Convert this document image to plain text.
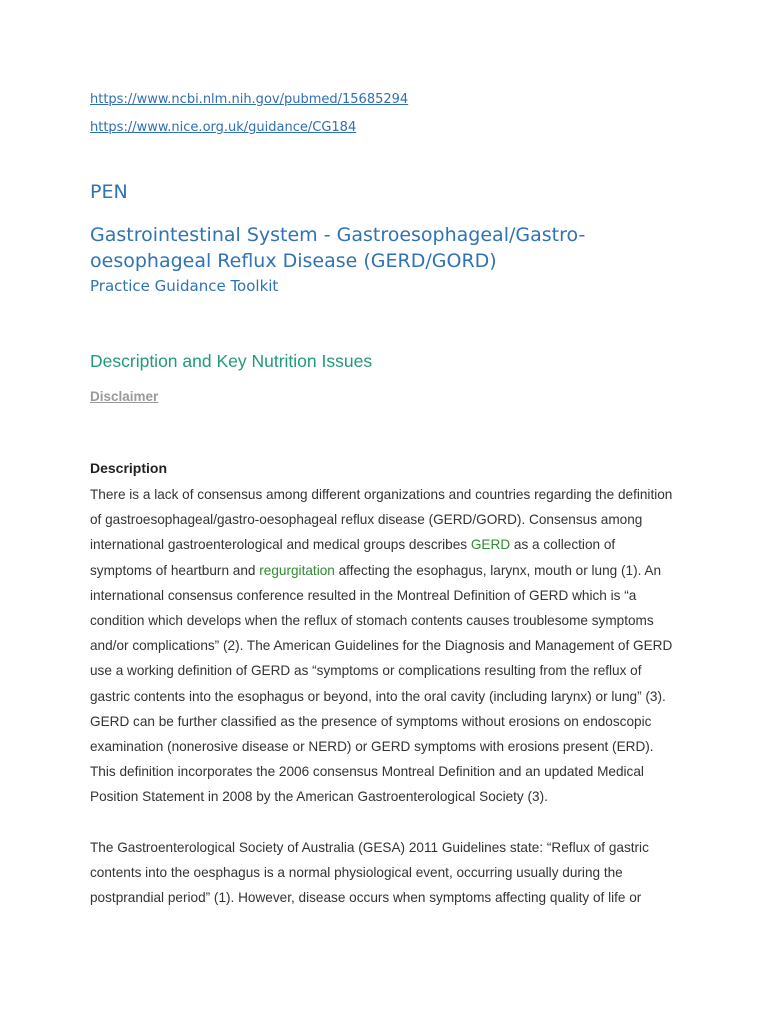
https://www.ncbi.nlm.nih.gov/pubmed/15685294
https://www.nice.org.uk/guidance/CG184
PEN
Gastrointestinal System - Gastroesophageal/Gastro-oesophageal Reflux Disease (GERD/GORD)
Practice Guidance Toolkit
Description and Key Nutrition Issues
Disclaimer
Description

There is a lack of consensus among different organizations and countries regarding the definition of gastroesophageal/gastro-oesophageal reflux disease (GERD/GORD). Consensus among international gastroenterological and medical groups describes GERD as a collection of symptoms of heartburn and regurgitation affecting the esophagus, larynx, mouth or lung (1). An international consensus conference resulted in the Montreal Definition of GERD which is “a condition which develops when the reflux of stomach contents causes troublesome symptoms and/or complications” (2). The American Guidelines for the Diagnosis and Management of GERD use a working definition of GERD as “symptoms or complications resulting from the reflux of gastric contents into the esophagus or beyond, into the oral cavity (including larynx) or lung” (3). GERD can be further classified as the presence of symptoms without erosions on endoscopic examination (nonerosive disease or NERD) or GERD symptoms with erosions present (ERD). This definition incorporates the 2006 consensus Montreal Definition and an updated Medical Position Statement in 2008 by the American Gastroenterological Society (3).

The Gastroenterological Society of Australia (GESA) 2011 Guidelines state: “Reflux of gastric contents into the oesphagus is a normal physiological event, occurring usually during the postprandial period” (1). However, disease occurs when symptoms affecting quality of life or
